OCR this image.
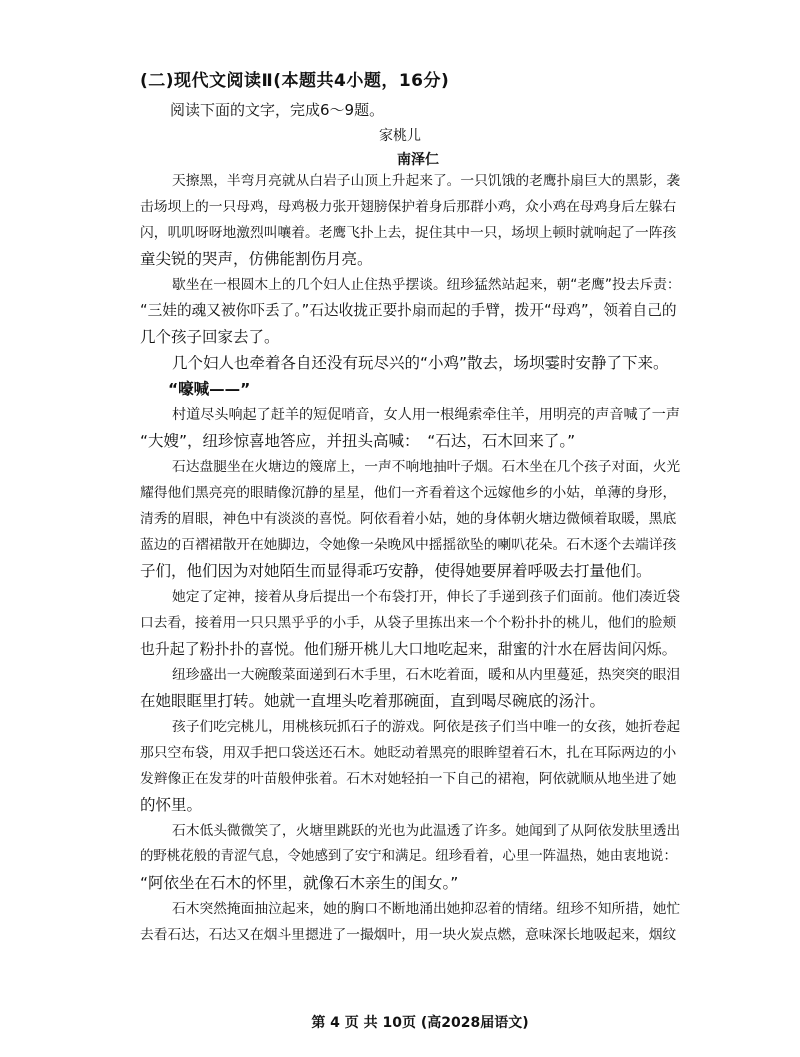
(二)现代文阅读Ⅱ(本题共4小题，16分)
阅读下面的文字，完成6～9题。
家桃儿
南泽仁
天擦黑，半弯月亮就从白岩子山顶上升起来了。一只饥饿的老鹰扑扇巨大的黑影，袭
击场坝上的一只母鸡，母鸡极力张开翅膀保护着身后那群小鸡，众小鸡在母鸡身后左躲右
闪，叽叽呀呀地激烈叫嚷着。老鹰飞扑上去，捉住其中一只，场坝上顿时就响起了一阵孩
童尖锐的哭声，仿佛能割伤月亮。
歇坐在一根圆木上的几个妇人止住热乎摆谈。纽珍猛然站起来，朝“老鹰”投去斥责：
“三娃的魂又被你吓丢了。”石达收拢正要扑扇而起的手臂，拨开“母鸡”，领着自己的
几个孩子回家去了。
几个妇人也牵着各自还没有玩尽兴的“小鸡”散去，场坝霎时安静了下来。
“嚎喊——”
村道尽头响起了赶羊的短促哨音，女人用一根绳索牵住羊，用明亮的声音喊了一声
“大嫂”，纽珍惊喜地答应，并扭头高喊：　“石达，石木回来了。”
石达盘腿坐在火塘边的篾席上，一声不响地抽叶子烟。石木坐在几个孩子对面，火光
耀得他们黑亮亮的眼睛像沉静的星星，他们一齐看着这个远嫁他乡的小姑，单薄的身形，
清秀的眉眼，神色中有淡淡的喜悦。阿依看着小姑，她的身体朝火塘边微倾着取暖，黑底
蓝边的百褶裙散开在她脚边，令她像一朵晚风中摇摇欲坠的喇叭花朵。石木逐个去端详孩
子们，他们因为对她陌生而显得乖巧安静，使得她要屏着呼吸去打量他们。
她定了定神，接着从身后提出一个布袋打开，伸长了手递到孩子们面前。他们凑近袋
口去看，接着用一只只黑乎乎的小手，从袋子里拣出来一个个粉扑扑的桃儿，他们的脸颊
也升起了粉扑扑的喜悦。他们掰开桃儿大口地吃起来，甜蜜的汁水在唇齿间闪烁。
纽珍盛出一大碗酸菜面递到石木手里，石木吃着面，暖和从内里蔓延，热突突的眼泪
在她眼眶里打转。她就一直埋头吃着那碗面，直到喝尽碗底的汤汁。
孩子们吃完桃儿，用桃核玩抓石子的游戏。阿依是孩子们当中唯一的女孩，她折卷起
那只空布袋，用双手把口袋送还石木。她眨动着黑亮的眼眸望着石木，扎在耳际两边的小
发辫像正在发芽的叶苗般伸张着。石木对她轻拍一下自己的裙袍，阿依就顺从地坐进了她
的怀里。
石木低头微微笑了，火塘里跳跃的光也为此温透了许多。她闻到了从阿依发肤里透出
的野桃花般的青涩气息，令她感到了安宁和满足。纽珍看着，心里一阵温热，她由衷地说：
“阿依坐在石木的怀里，就像石木亲生的闺女。”
石木突然掩面抽泣起来，她的胸口不断地涌出她抑忍着的情绪。纽珍不知所措，她忙
去看石达，石达又在烟斗里摁进了一撮烟叶，用一块火炭点燃，意味深长地吸起来，烟纹
第 4 页 共 10页 (高2028届语文)
